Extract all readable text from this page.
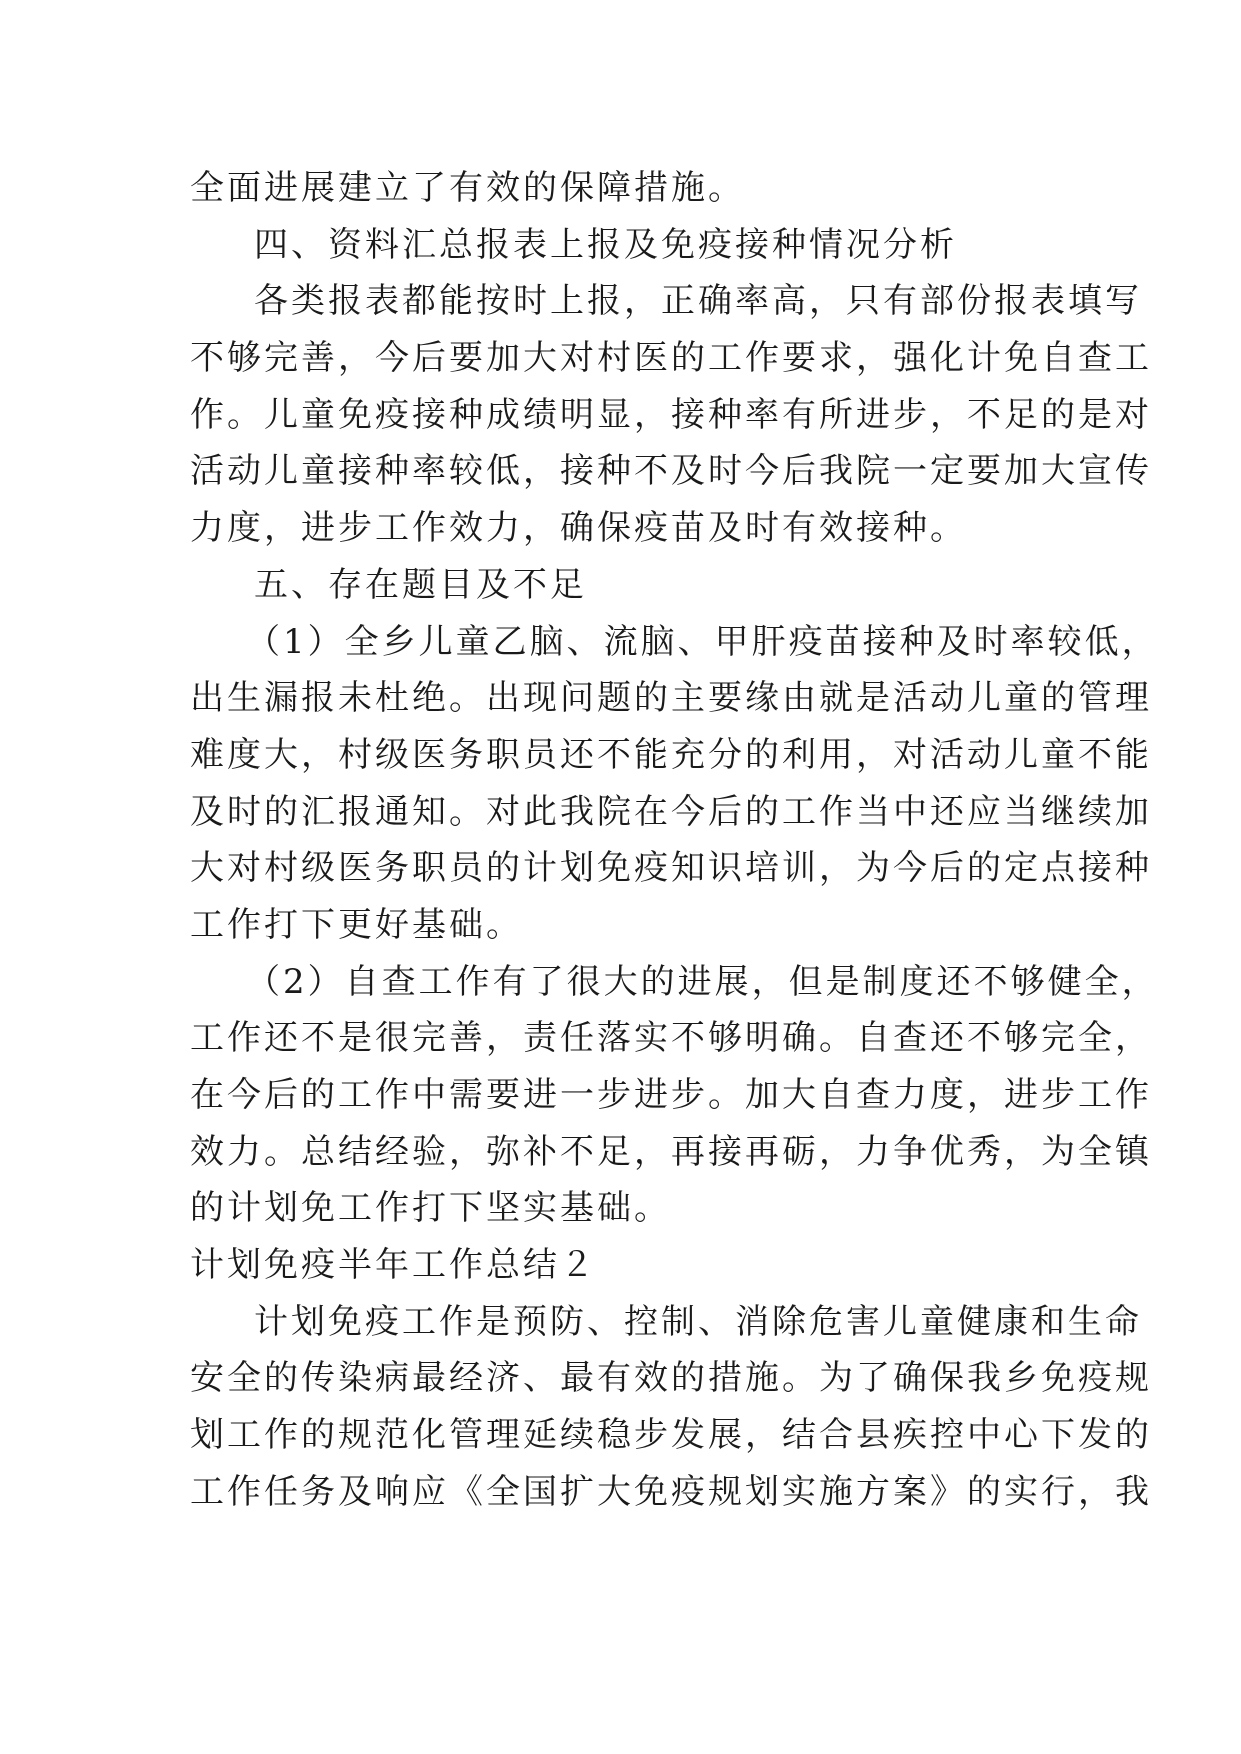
全面进展建立了有效的保障措施。
四、资料汇总报表上报及免疫接种情况分析
各类报表都能按时上报，正确率高，只有部份报表填写
不够完善，今后要加大对村医的工作要求，强化计免自查工
作。儿童免疫接种成绩明显，接种率有所进步，不足的是对
活动儿童接种率较低，接种不及时今后我院一定要加大宣传
力度，进步工作效力，确保疫苗及时有效接种。
五、存在题目及不足
（1）全乡儿童乙脑、流脑、甲肝疫苗接种及时率较低，
出生漏报未杜绝。出现问题的主要缘由就是活动儿童的管理
难度大，村级医务职员还不能充分的利用，对活动儿童不能
及时的汇报通知。对此我院在今后的工作当中还应当继续加
大对村级医务职员的计划免疫知识培训，为今后的定点接种
工作打下更好基础。
（2）自查工作有了很大的进展，但是制度还不够健全，
工作还不是很完善，责任落实不够明确。自查还不够完全，
在今后的工作中需要进一步进步。加大自查力度，进步工作
效力。总结经验，弥补不足，再接再砺，力争优秀，为全镇
的计划免工作打下坚实基础。
计划免疫半年工作总结２
计划免疫工作是预防、控制、消除危害儿童健康和生命
安全的传染病最经济、最有效的措施。为了确保我乡免疫规
划工作的规范化管理延续稳步发展，结合县疾控中心下发的
工作任务及响应《全国扩大免疫规划实施方案》的实行，我
